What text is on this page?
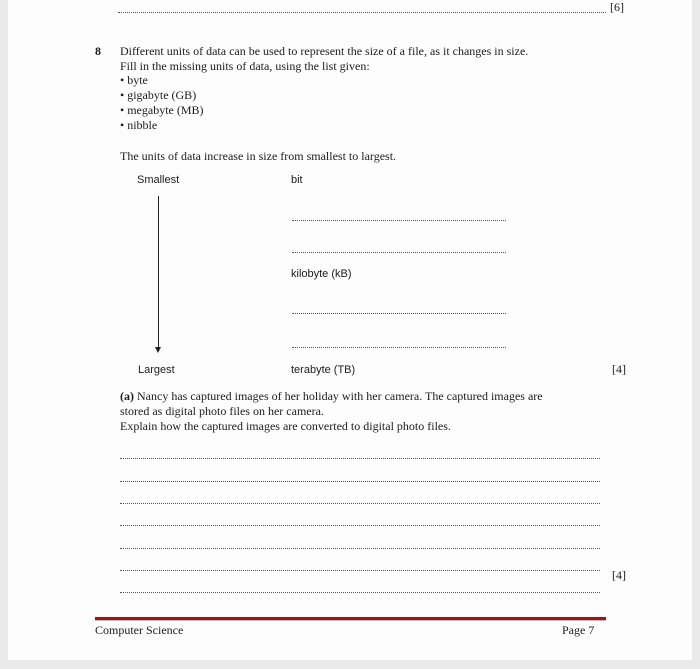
[6]
8 Different units of data can be used to represent the size of a file, as it changes in size.
Fill in the missing units of data, using the list given:
• byte
• gigabyte (GB)
• megabyte (MB)
• nibble
The units of data increase in size from smallest to largest.
Smallest	bit
kilobyte (kB)
Largest	terabyte (TB)	[4]
(a) Nancy has captured images of her holiday with her camera. The captured images are
stored as digital photo files on her camera.
Explain how the captured images are converted to digital photo files.
[4]
Computer Science	Page 7
